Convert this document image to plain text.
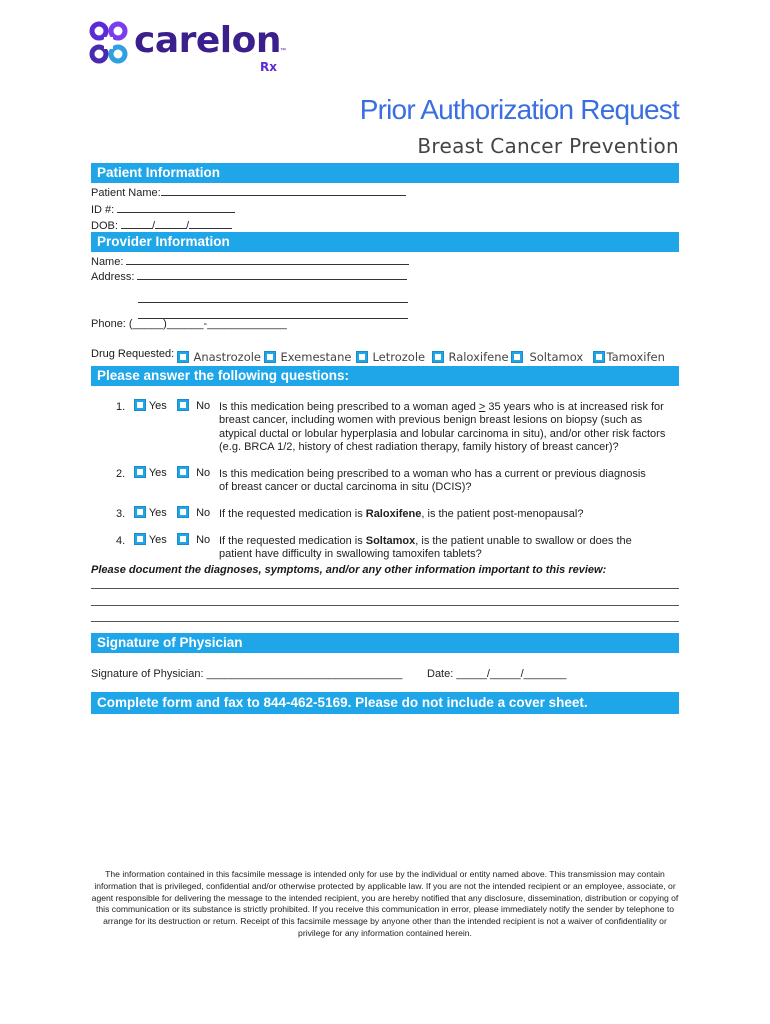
carelon
™
Rx
Prior Authorization Request
Breast Cancer Prevention
Patient Information
Patient Name:
ID #:
DOB:	/	/
Provider Information
Name:
Address:
Phone: (_____)______-_____________
Drug Requested:	Anastrozole	Exemestane	Letrozole	Raloxifene	Soltamox	Tamoxifen
Please answer the following questions:
1.	Yes	No Is this medication being prescribed to a woman aged ≥ 35 years who is at increased risk for
breast cancer, including women with previous benign breast lesions on biopsy (such as
atypical ductal or lobular hyperplasia and lobular carcinoma in situ), and/or other risk factors
(e.g. BRCA 1/2, history of chest radiation therapy, family history of breast cancer)?
2.	Yes	No Is this medication being prescribed to a woman who has a current or previous diagnosis
of breast cancer or ductal carcinoma in situ (DCIS)?
3.	Yes	No If the requested medication is Raloxifene, is the patient post-menopausal?
4.	Yes	No If the requested medication is Soltamox, is the patient unable to swallow or does the
patient have difficulty in swallowing tamoxifen tablets?
Please document the diagnoses, symptoms, and/or any other information important to this review:
Signature of Physician
Signature of Physician: ________________________________ Date: _____/_____/_______
Complete form and fax to 844-462-5169. Please do not include a cover sheet.
The information contained in this facsimile message is intended only for use by the individual or entity named above. This transmission may contain information that is privileged, confidential and/or otherwise protected by applicable law. If you are not the intended recipient or an employee, associate, or agent responsible for delivering the message to the intended recipient, you are hereby notified that any disclosure, dissemination, distribution or copying of this communication or its substance is strictly prohibited. If you receive this communication in error, please immediately notify the sender by telephone to arrange for its destruction or return. Receipt of this facsimile message by anyone other than the intended recipient is not a waiver of confidentiality or privilege for any information contained herein.
